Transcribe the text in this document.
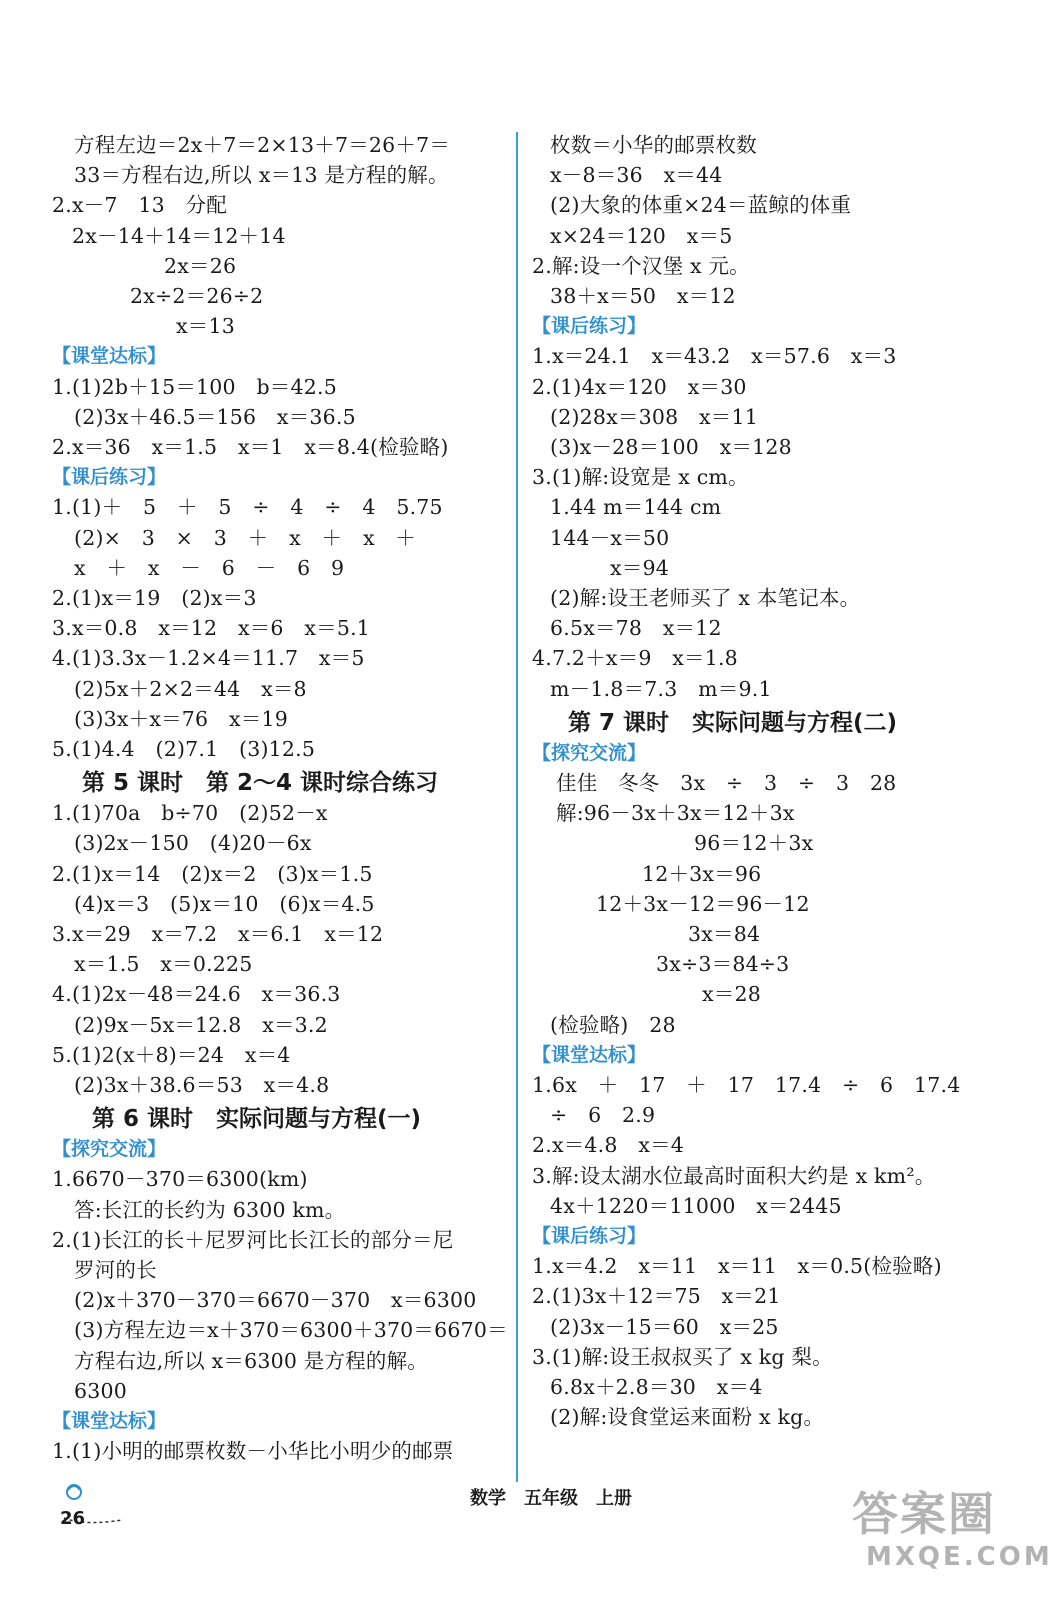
方程左边＝2x＋7＝2×13＋7＝26＋7＝
33＝方程右边,所以 x＝13 是方程的解。
2.x－7　13　分配
2x－14＋14＝12＋14
2x＝26
2x÷2＝26÷2
x＝13
【课堂达标】
1.(1)2b＋15＝100　b＝42.5
(2)3x＋46.5＝156　x＝36.5
2.x＝36　x＝1.5　x＝1　x＝8.4(检验略)
【课后练习】
1.(1)＋　5　＋　5　÷　4　÷　4　5.75
(2)×　3　×　3　＋　x　＋　x　＋
x　＋　x　－　6　－　6　9
2.(1)x＝19　(2)x＝3
3.x＝0.8　x＝12　x＝6　x＝5.1
4.(1)3.3x－1.2×4＝11.7　x＝5
(2)5x＋2×2＝44　x＝8
(3)3x＋x＝76　x＝19
5.(1)4.4　(2)7.1　(3)12.5
第 5 课时　第 2～4 课时综合练习
1.(1)70a　b÷70　(2)52－x
(3)2x－150　(4)20－6x
2.(1)x＝14　(2)x＝2　(3)x＝1.5
(4)x＝3　(5)x＝10　(6)x＝4.5
3.x＝29　x＝7.2　x＝6.1　x＝12
x＝1.5　x＝0.225
4.(1)2x－48＝24.6　x＝36.3
(2)9x－5x＝12.8　x＝3.2
5.(1)2(x＋8)＝24　x＝4
(2)3x＋38.6＝53　x＝4.8
第 6 课时　实际问题与方程(一)
【探究交流】
1.6670－370＝6300(km)
答:长江的长约为 6300 km。
2.(1)长江的长＋尼罗河比长江长的部分＝尼
罗河的长
(2)x＋370－370＝6670－370　x＝6300
(3)方程左边＝x＋370＝6300＋370＝6670＝
方程右边,所以 x＝6300 是方程的解。
6300
【课堂达标】
1.(1)小明的邮票枚数－小华比小明少的邮票
枚数＝小华的邮票枚数
x－8＝36　x＝44
(2)大象的体重×24＝蓝鲸的体重
x×24＝120　x＝5
2.解:设一个汉堡 x 元。
38＋x＝50　x＝12
【课后练习】
1.x＝24.1　x＝43.2　x＝57.6　x＝3
2.(1)4x＝120　x＝30
(2)28x＝308　x＝11
(3)x－28＝100　x＝128
3.(1)解:设宽是 x cm。
1.44 m＝144 cm
144－x＝50
x＝94
(2)解:设王老师买了 x 本笔记本。
6.5x＝78　x＝12
4.7.2＋x＝9　x＝1.8
m－1.8＝7.3　m＝9.1
第 7 课时　实际问题与方程(二)
【探究交流】
佳佳　冬冬　3x　÷　3　÷　3　28
解:96－3x＋3x＝12＋3x
96＝12＋3x
12＋3x＝96
12＋3x－12＝96－12
3x＝84
3x÷3＝84÷3
x＝28
(检验略)　28
【课堂达标】
1.6x　＋　17　＋　17　17.4　÷　6　17.4
÷　6　2.9
2.x＝4.8　x＝4
3.解:设太湖水位最高时面积大约是 x km²。
4x＋1220＝11000　x＝2445
【课后练习】
1.x＝4.2　x＝11　x＝11　x＝0.5(检验略)
2.(1)3x＋12＝75　x＝21
(2)3x－15＝60　x＝25
3.(1)解:设王叔叔买了 x kg 梨。
6.8x＋2.8＝30　x＝4
(2)解:设食堂运来面粉 x kg。
26
数学　五年级　上册	答案圈
MXQE.COM
